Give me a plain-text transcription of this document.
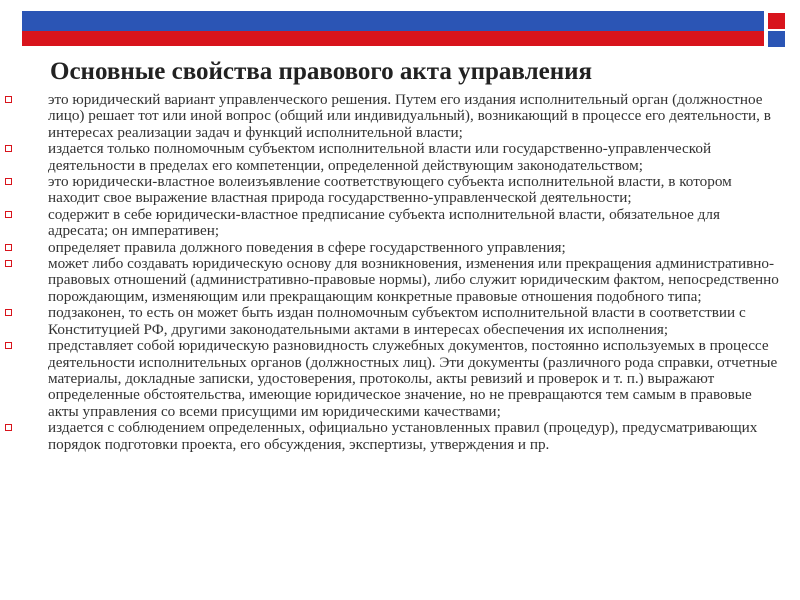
Основные свойства правового акта управления
это юридический вариант управленческого решения. Путем его издания исполнительный орган (должностное лицо) решает тот или иной вопрос (общий или индивидуальный), возникающий в процессе его деятельности, в интересах реализации задач и функций исполнительной власти;
издается только полномочным субъектом исполнительной власти или государственно-управленческой деятельности в пределах его компетенции, определенной действующим законодательством;
это юридически-властное волеизъявление соответствующего субъекта исполнительной власти, в котором находит свое выражение властная природа государственно-управленческой деятельности;
содержит в себе юридически-властное предписание субъекта исполнительной власти, обязательное для адресата; он императивен;
определяет правила должного поведения в сфере государственного управления;
может либо создавать юридическую основу для возникновения, изменения или прекращения административно-правовых отношений (административно-правовые нормы), либо служит юридическим фактом, непосредственно порождающим, изменяющим или прекращающим конкретные правовые отношения подобного типа;
подзаконен, то есть он может быть издан полномочным субъектом исполнительной власти в соответствии с Конституцией РФ, другими законодательными актами в интересах обеспечения их исполнения;
представляет собой юридическую разновидность служебных документов, постоянно используемых в процессе деятельности исполнительных органов (должностных лиц). Эти документы (различного рода справки, отчетные материалы, докладные записки, удостоверения, протоколы, акты ревизий и проверок и т. п.) выражают определенные обстоятельства, имеющие юридическое значение, но не превращаются тем самым в правовые акты управления со всеми присущими им юридическими качествами;
издается с соблюдением определенных, официально установленных правил (процедур), предусматривающих порядок подготовки проекта, его обсуждения, экспертизы, утверждения и пр.
